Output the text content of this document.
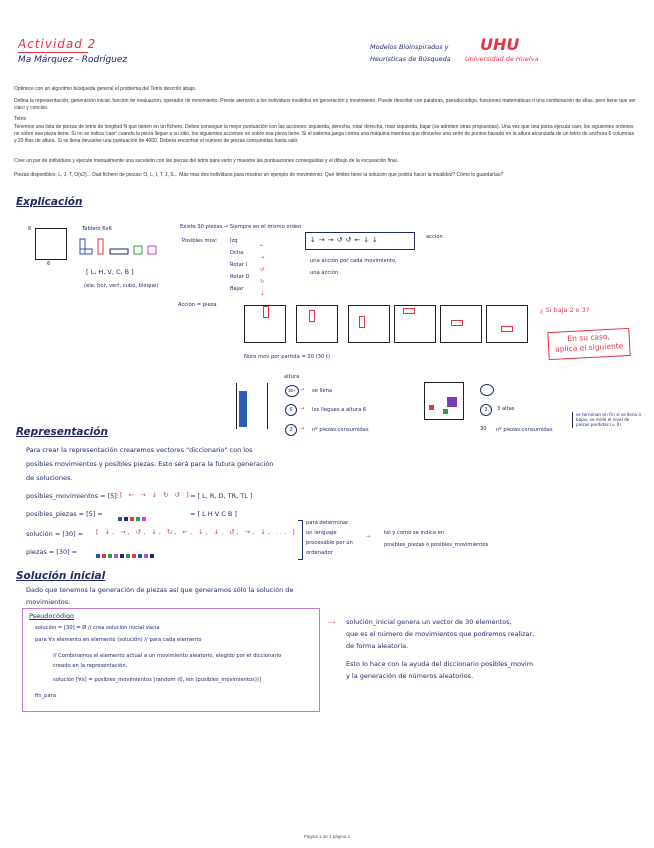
Actividad 2
Ma Márquez - Rodríguez
Modelos Bioinspirados y
Heurísticas de Búsqueda
UHU
Universidad de Huelva
Optimice con un algoritmo búsqueda general el problema del Tetris descrito abajo.
Defina la representación, generación inicial, función de evaluación, operador de movimiento. Preste atención a los individuos inválidos en generación y movimiento. Puede describir con palabras, pseudocódigo, funciones matemáticas o una combinación de ellas, pero tiene que ser claro y conciso.
Tetris
Tenemos una lista de piezas de tetris de longitud N que tienen en un fichero. Debes conseguir la mejor puntuación con las acciones: izquierda, derecha, rotar derecha, rotar izquierda, bajar (se admiten otras propuestas). Una vez que una pieza ejecuta caer, los siguientes ordenes no sobre esa pieza tiene. Si no se indica 'caer' cuando la pieza llegue a su sitio, los siguientes acciones no sobre esa pieza tiene. Si el sistema juega contra una máquina mientras que devuelve una serie de puntos basado en la altura alcanzada de un tetris de anchura 6 columnas y 20 filas de altura. Si se llena devuelve una puntuación de 4000. Deberá encontrar el número de piezas consumidas hasta salir.
Cree un par de individuos y ejecute manualmente una sucesión con las piezas del tetris para verlo y muestre las puntuaciones conseguidas y el dibujo de la excavación final.
Piezas disponibles: L, J, T, O(x2)... Dad fichero de piezas: O, L, I, T, J, S... Más mas dos individuos para mostrar un ejemplo de movimiento. Qué limites tiene la solución que podría hacer la invalidez? Cómo lo guardarías?
Explicación
6
6
Tablero 6x6
[ L, H, V, C, B ]
(ele, hor, vert, cubo, bloque)
Existe 30 piezas → Siempre en el mismo orden
Posibles mov: Izq
Dcha
Rotar I
Rotar D
Bajar
←
→
↺
↻
↓
↓→→↺↺←↓↓	acción
una acción por cada movimiento,
una acción.
Acción = pieza
¿ Si baja 2 o 3?
En su caso,
aplica el siguiente
Nuro mov por partida = 30 (30 t)
altura
30+ → se llena
6	→ los llegues a altura 6
3	→ nº piezas consumidas
3	3 altas
30 nº piezas consumidas
se terminan en Fin si se llena o bajas, se mide el nivel de piezas perdidas (= 0)
Representación
Para crear la representación crearemos vectores "diccionario" con los
posibles movimientos y posibles piezas. Esto será para la futura generación
de soluciones.
posibles_movimientos = [5]: [ ← → ↓ ↻ ↺ ] = [ L, R, D, TR, TL ]
posibles_piezas = [5] =	= [ L H V C B ]
solución = [30] = [ ↓, →, ↺, ↓, ↻, ←, ↓, ↓, ↺, →, ↓, ... ]
piezas = [30] =
para determinar
un lenguaje
procesable por un
ordenador
→
tal y como se indica en
posibles_piezas o posibles_movimientos
Solución inicial
Dado que tenemos la generación de piezas así que generamos sólo la solución de
movimientos:
Pseudocódigo
solución = [30] = Ø // crea solución inicial vacía
para ∀x elemento en elemento (solución) // para cada elemento
// Combinamos el elemento actual a un movimiento aleatorio, elegido por el diccionario
creado en la representación.
solución [∀x] = posibles_movimientos [random (0, len (posibles_movimientos))]
fin_para
⟶ solución_inicial genera un vector de 30 elementos,
que es el número de movimientos que podremos realizar,
de forma aleatoria.
Esto lo hace con la ayuda del diccionario posibles_movim
y la generación de números aleatorios.
Página 1 de 1 página 1
